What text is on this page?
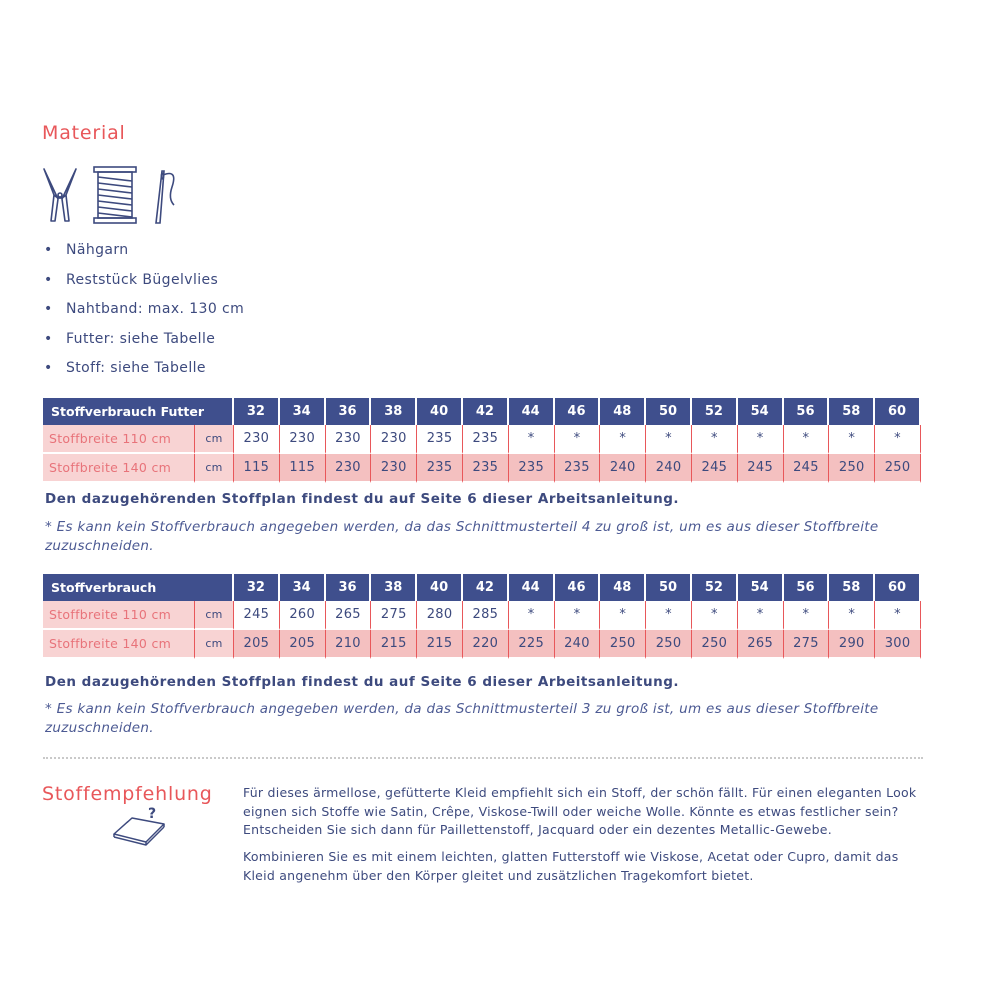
Material
• Nähgarn
• Reststück Bügelvlies
• Nahtband: max. 130 cm
• Futter: siehe Tabelle
• Stoff: siehe Tabelle
Stoffverbrauch Futter		32	34	36	38	40	42	44	46	48	50	52	54	56	58	60
Stoffbreite 110 cm	cm	230	230	230	230	235	235	*	*	*	*	*	*	*	*	*
Stoffbreite 140 cm	cm	115	115	230	230	235	235	235	235	240	240	245	245	245	250	250
Den dazugehörenden Stoffplan findest du auf Seite 6 dieser Arbeitsanleitung.
* Es kann kein Stoffverbrauch angegeben werden, da das Schnittmusterteil 4 zu groß ist, um es aus dieser Stoffbreite zuzuschneiden.
Stoffverbrauch		32	34	36	38	40	42	44	46	48	50	52	54	56	58	60
Stoffbreite 110 cm	cm	245	260	265	275	280	285	*	*	*	*	*	*	*	*	*
Stoffbreite 140 cm	cm	205	205	210	215	215	220	225	240	250	250	250	265	275	290	300
Den dazugehörenden Stoffplan findest du auf Seite 6 dieser Arbeitsanleitung.
* Es kann kein Stoffverbrauch angegeben werden, da das Schnittmusterteil 3 zu groß ist, um es aus dieser Stoffbreite zuzuschneiden.
Stoffempfehlung
?

Für dieses ärmellose, gefütterte Kleid empfiehlt sich ein Stoff, der schön fällt. Für einen eleganten Look eignen sich Stoffe wie Satin, Crêpe, Viskose-Twill oder weiche Wolle. Könnte es etwas festlicher sein? Entscheiden Sie sich dann für Paillettenstoff, Jacquard oder ein dezentes Metallic-Gewebe.

Kombinieren Sie es mit einem leichten, glatten Futterstoff wie Viskose, Acetat oder Cupro, damit das Kleid angenehm über den Körper gleitet und zusätzlichen Tragekomfort bietet.
